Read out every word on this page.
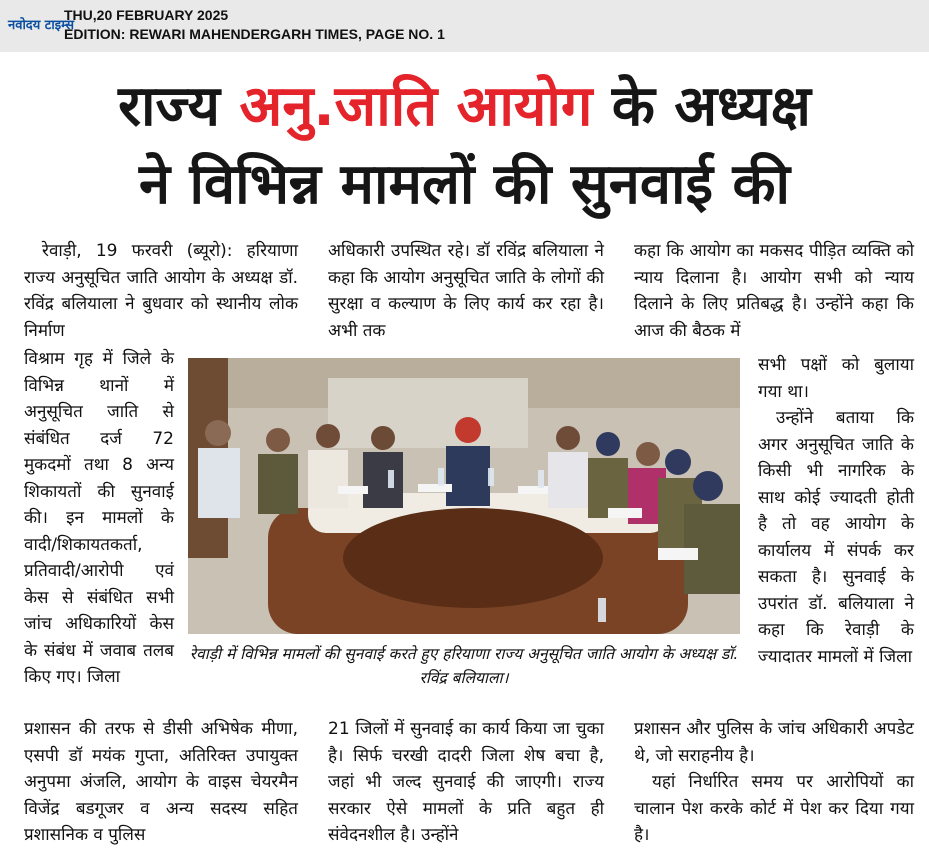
नवोदय टाइम्स
THU,20 FEBRUARY 2025
EDITION: REWARI MAHENDERGARH TIMES, PAGE NO. 1
राज्य अनु.जाति आयोग के अध्यक्ष
ने विभिन्न मामलों की सुनवाई की

रेवाड़ी, 19 फरवरी (ब्यूरो): हरियाणा राज्य अनुसूचित जाति आयोग के अध्यक्ष डॉ. रविंद्र बलियाला ने बुधवार को स्थानीय लोक निर्माण

विश्राम गृह में जिले के विभिन्न थानों में अनुसूचित जाति से संबंधित दर्ज 72 मुकदमों तथा 8 अन्य शिकायतों की सुनवाई की। इन मामलों के वादी/शिकायतकर्ता, प्रतिवादी/आरोपी एवं केस से संबंधित सभी जांच अधिकारियों केस के संबंध में जवाब तलब किए गए। जिला

प्रशासन की तरफ से डीसी अभिषेक मीणा, एसपी डॉ मयंक गुप्ता, अतिरिक्त उपायुक्त अनुपमा अंजलि, आयोग के वाइस चेयरमैन विजेंद्र बडगूजर व अन्य सदस्य सहित प्रशासनिक व पुलिस

अधिकारी उपस्थित रहे। डॉ रविंद्र बलियाला ने कहा कि आयोग अनुसूचित जाति के लोगों की सुरक्षा व कल्याण के लिए कार्य कर रहा है। अभी तक

21 जिलों में सुनवाई का कार्य किया जा चुका है। सिर्फ चरखी दादरी जिला शेष बचा है, जहां भी जल्द सुनवाई की जाएगी। राज्य सरकार ऐसे मामलों के प्रति बहुत ही संवेदनशील है। उन्होंने

कहा कि आयोग का मकसद पीड़ित व्यक्ति को न्याय दिलाना है। आयोग सभी को न्याय दिलाने के लिए प्रतिबद्ध है। उन्होंने कहा कि आज की बैठक में

सभी पक्षों को बुलाया गया था।

उन्होंने बताया कि अगर अनुसूचित जाति के किसी भी नागरिक के साथ कोई ज्यादती होती है तो वह आयोग के कार्यालय में संपर्क कर सकता है। सुनवाई के उपरांत डॉ. बलियाला ने कहा कि रेवाड़ी के ज्यादातर मामलों में जिला

प्रशासन और पुलिस के जांच अधिकारी अपडेट थे, जो सराहनीय है।

यहां निर्धारित समय पर आरोपियों का चालान पेश करके कोर्ट में पेश कर दिया गया है।

रेवाड़ी में विभिन्न मामलों की सुनवाई करते हुए हरियाणा राज्य अनुसूचित जाति आयोग के अध्यक्ष डॉ. रविंद्र बलियाला।
